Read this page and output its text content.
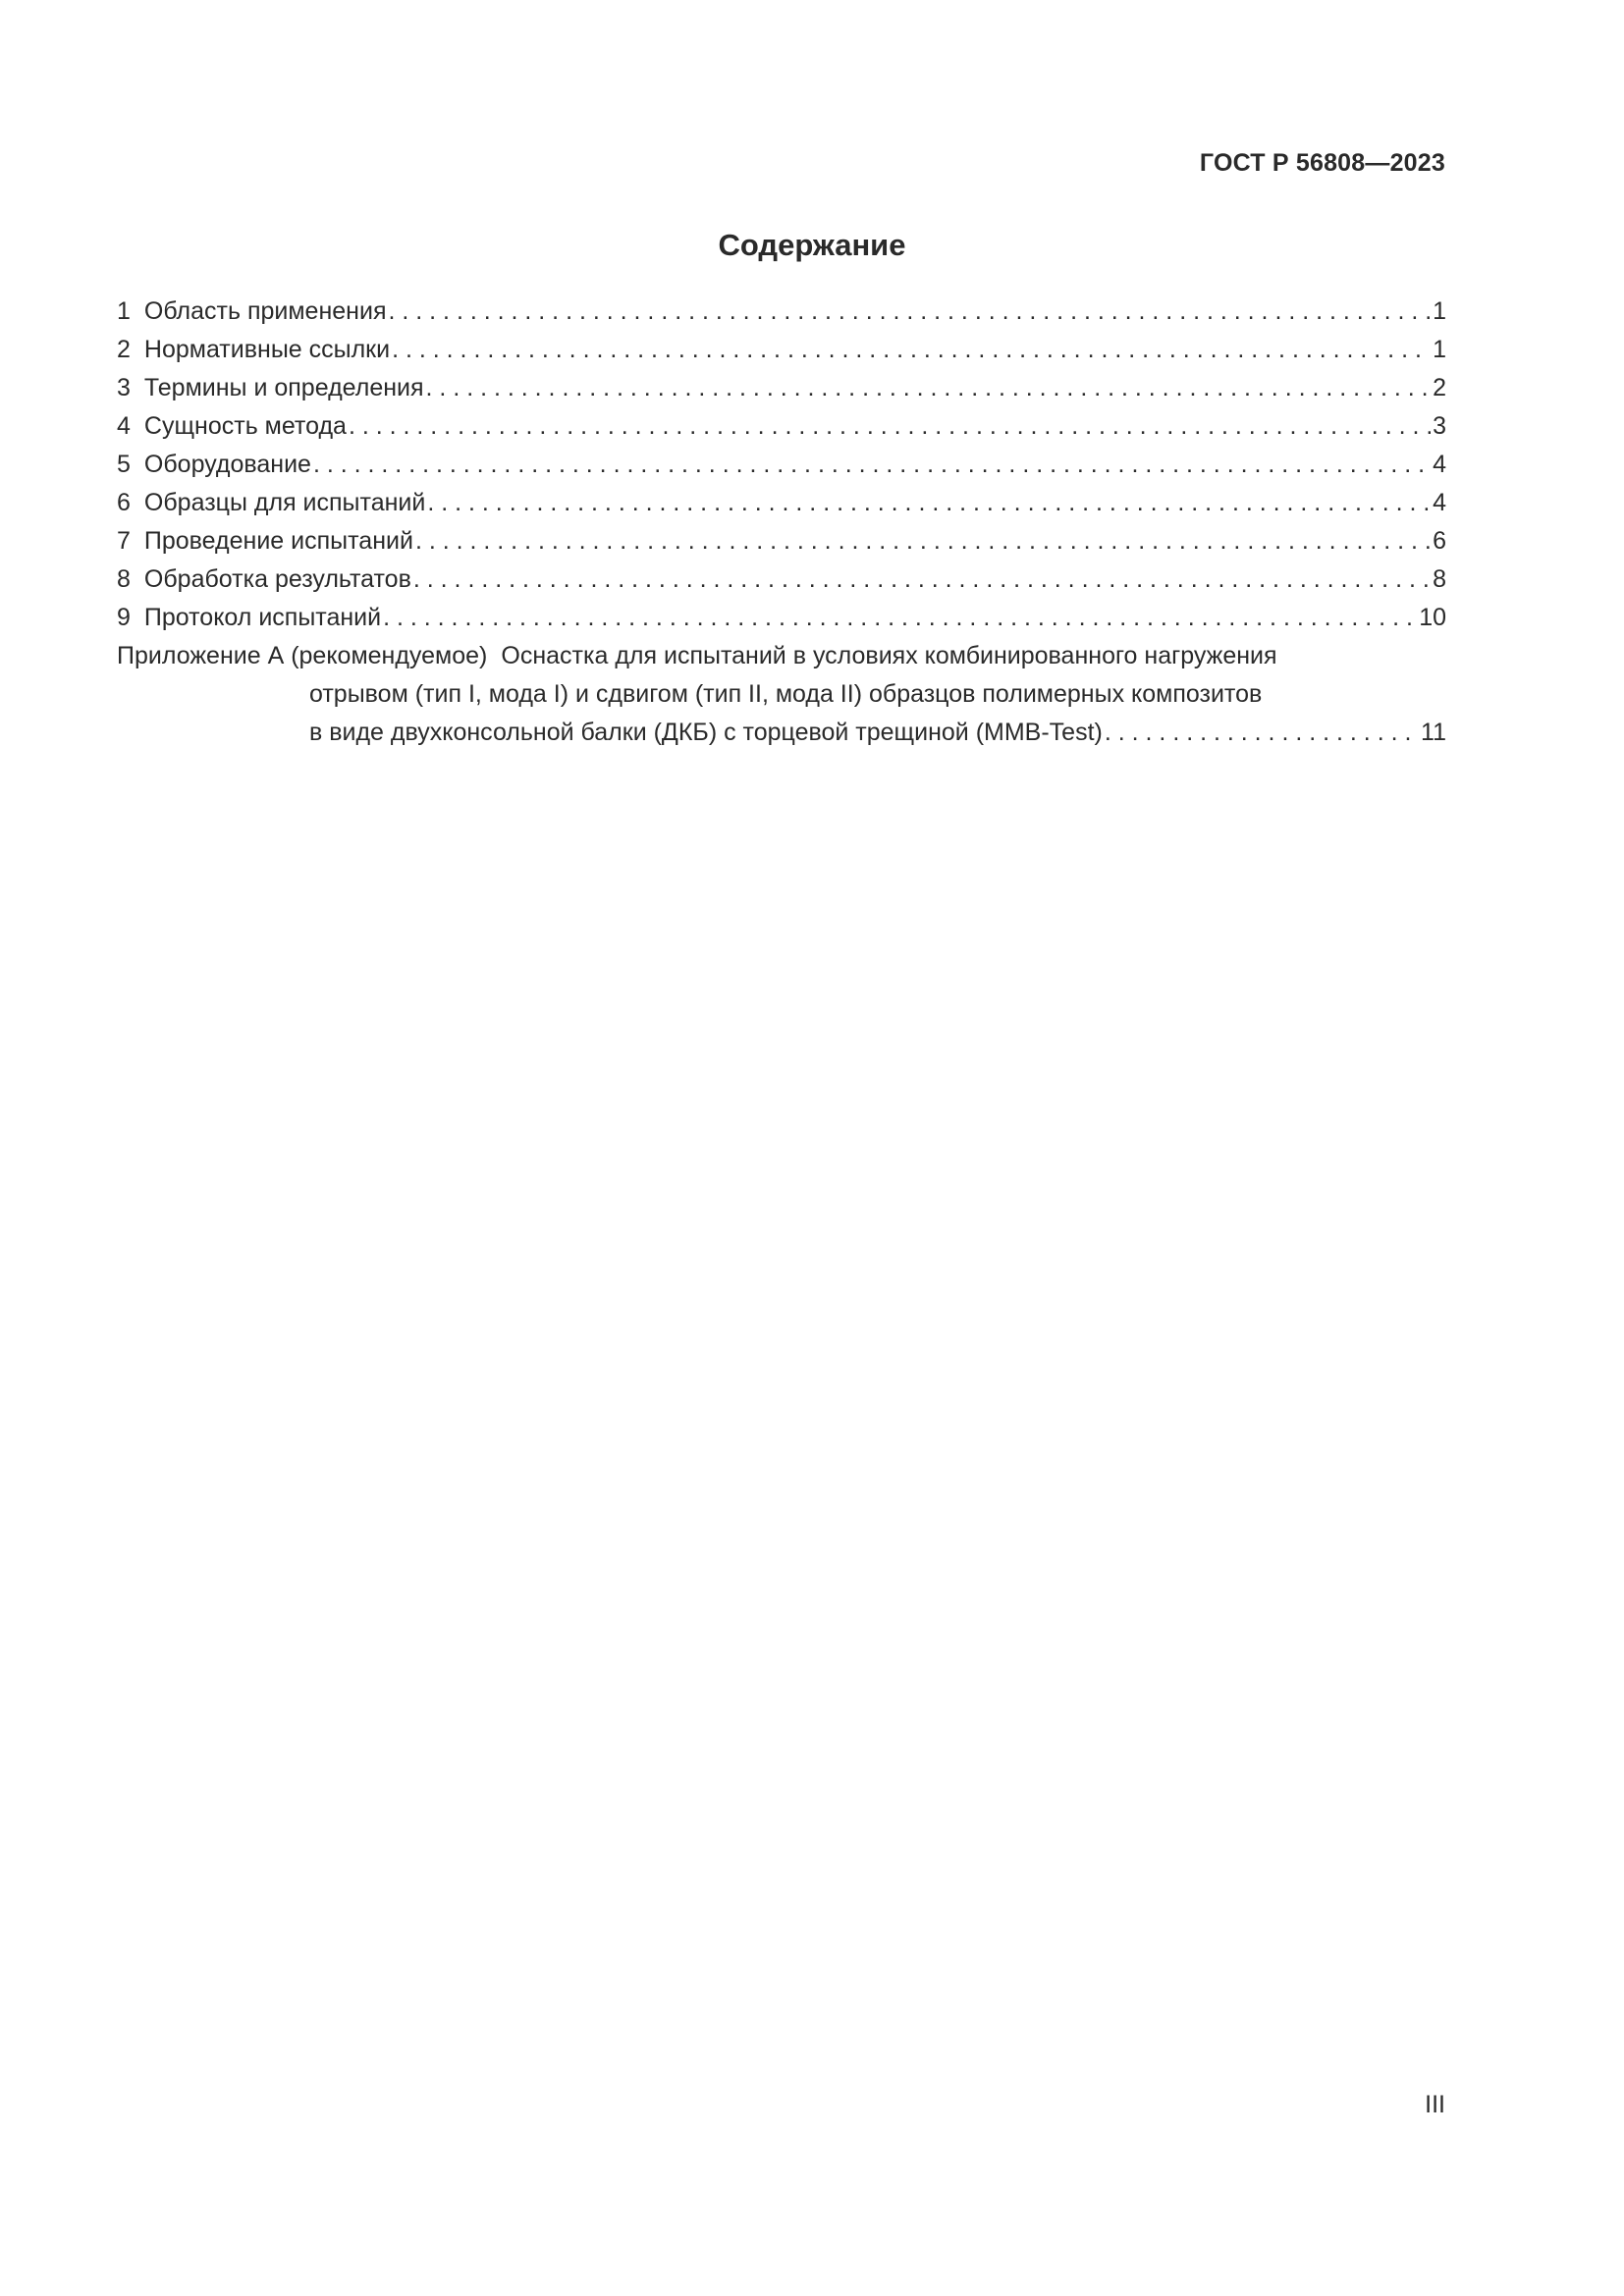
ГОСТ Р 56808—2023
Содержание
1 Область применения . . .	1
2 Нормативные ссылки . . .	1
3 Термины и определения . . .	2
4 Сущность метода . . .	3
5 Оборудование . . .	4
6 Образцы для испытаний . . .	4
7 Проведение испытаний . . .	6
8 Обработка результатов . . .	8
9 Протокол испытаний . . .	10
Приложение А (рекомендуемое) Оснастка для испытаний в условиях комбинированного нагружения
отрывом (тип I, мода I) и сдвигом (тип II, мода II) образцов полимерных композитов
в виде двухконсольной балки (ДКБ) с торцевой трещиной (MMB-Test) . . .	11
III
